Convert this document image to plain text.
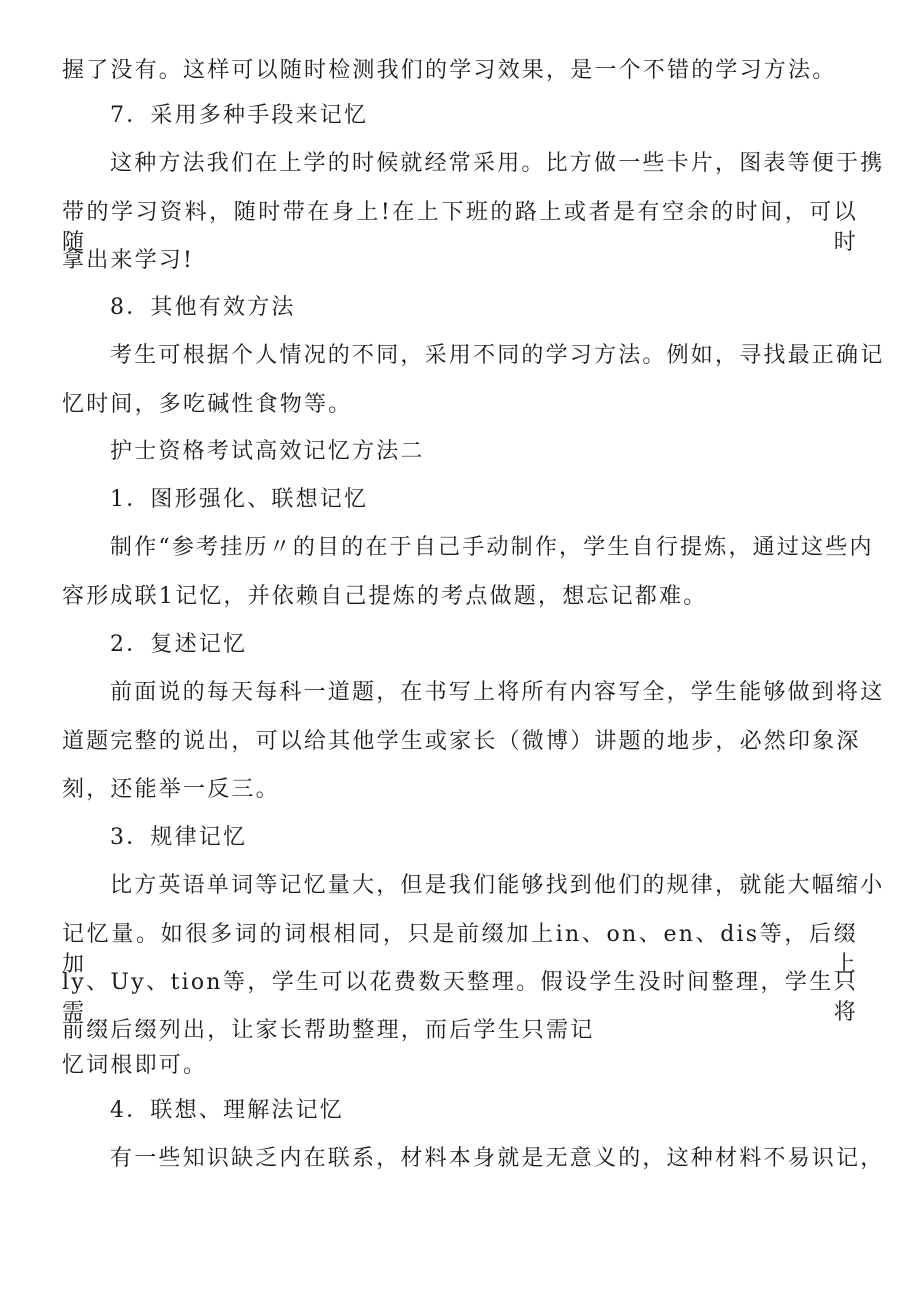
握了没有。这样可以随时检测我们的学习效果，是一个不错的学习方法。
7．采用多种手段来记忆
这种方法我们在上学的时候就经常采用。比方做一些卡片，图表等便于携
带的学习资料，随时带在身上!在上下班的路上或者是有空余的时间，可以随时
拿出来学习!
8．其他有效方法
考生可根据个人情况的不同，采用不同的学习方法。例如，寻找最正确记
忆时间，多吃碱性食物等。
护士资格考试高效记忆方法二
1．图形强化、联想记忆
制作“参考挂历〃的目的在于自己手动制作，学生自行提炼，通过这些内
容形成联1记忆，并依赖自己提炼的考点做题，想忘记都难。
2．复述记忆
前面说的每天每科一道题，在书写上将所有内容写全，学生能够做到将这
道题完整的说出，可以给其他学生或家长（微博）讲题的地步，必然印象深
刻，还能举一反三。
3．规律记忆
比方英语单词等记忆量大，但是我们能够找到他们的规律，就能大幅缩小
记忆量。如很多词的词根相同，只是前缀加上in、on、en、dis等，后缀加上
ly、Uy、tion等，学生可以花费数天整理。假设学生没时间整理，学生只需将
前缀后缀列出，让家长帮助整理，而后学生只需记
忆词根即可。
4．联想、理解法记忆
有一些知识缺乏内在联系，材料本身就是无意义的，这种材料不易识记，
